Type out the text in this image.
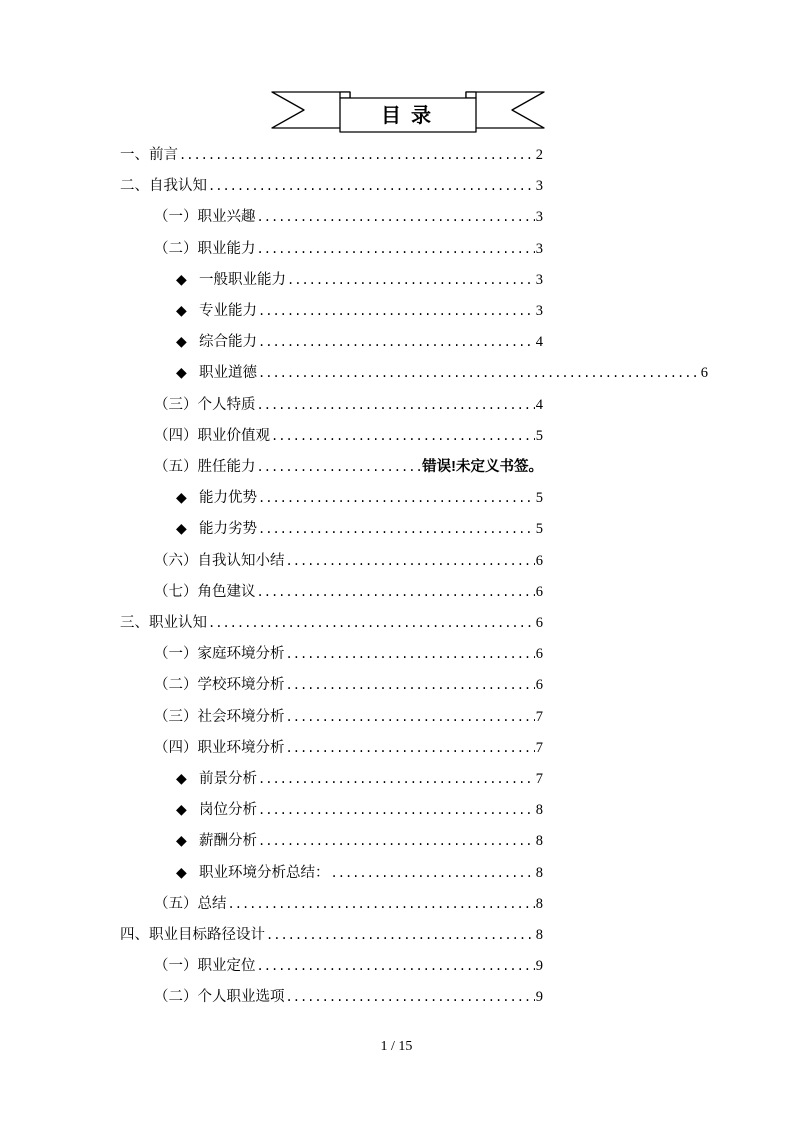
目录
一、前言 .....	2
二、自我认知 .....	3
（一）职业兴趣 .....	3
（二）职业能力 .....	3
◆ 一般职业能力 .....	3
◆ 专业能力 .....	3
◆ 综合能力 .....	4
◆ 职业道德 .....	6
（三）个人特质 .....	4
（四）职业价值观 .....	5
（五）胜任能力 .....	错误!未定义书签。
◆ 能力优势 .....	5
◆ 能力劣势 .....	5
（六）自我认知小结 .....	6
（七）角色建议 .....	6
三、职业认知 .....	6
（一）家庭环境分析 .....	6
（二）学校环境分析 .....	6
（三）社会环境分析 .....	7
（四）职业环境分析 .....	7
◆ 前景分析 .....	7
◆ 岗位分析 .....	8
◆ 薪酬分析 .....	8
◆ 职业环境分析总结： .....	8
（五）总结 .....	8
四、职业目标路径设计 .....	8
（一）职业定位 .....	9
（二）个人职业选项 .....	9
1 / 15
